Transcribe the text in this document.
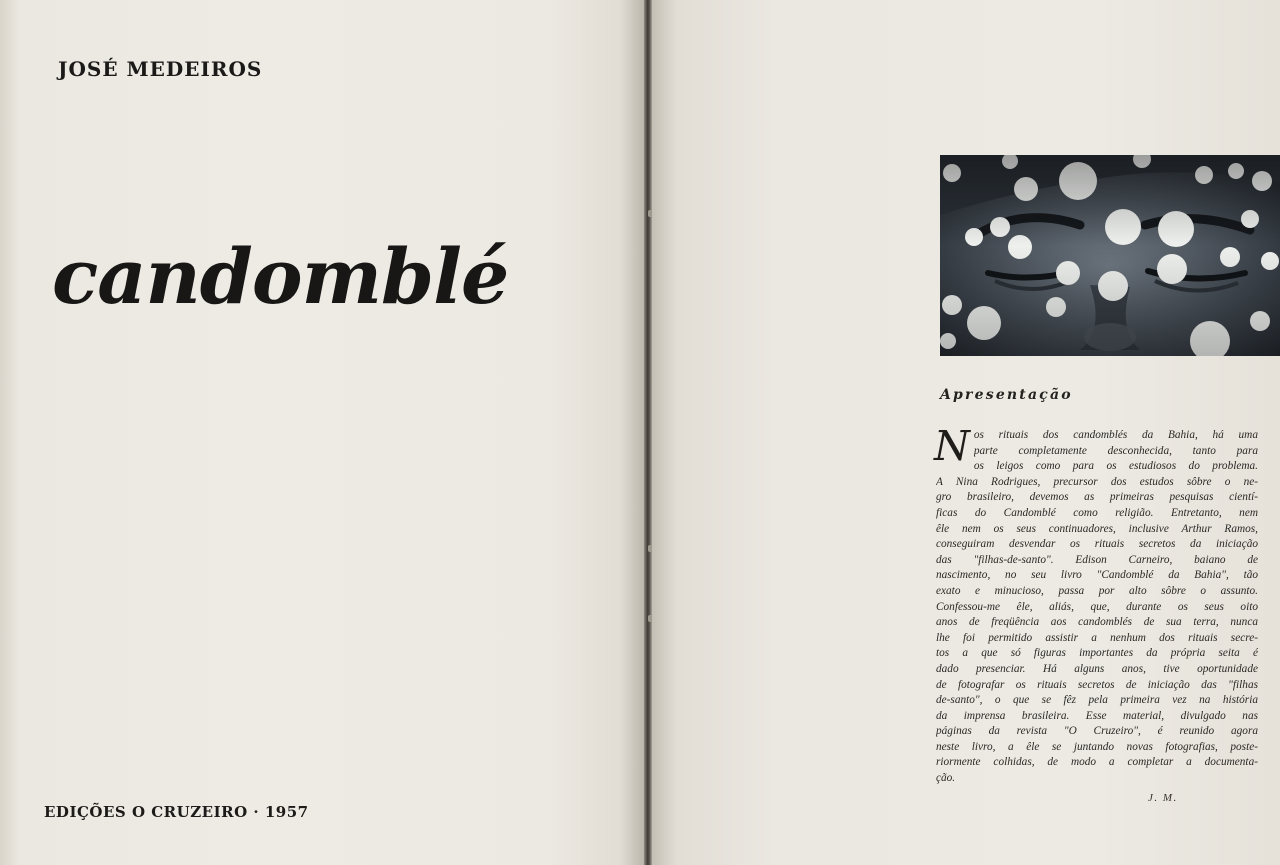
JOSÉ MEDEIROS

candomblé

EDIÇÕES O CRUZEIRO · 1957

Apresentação
N os rituais dos candomblés da Bahia, há uma
parte completamente desconhecida, tanto para
os leigos como para os estudiosos do problema.
A Nina Rodrigues, precursor dos estudos sôbre o ne-
gro brasileiro, devemos as primeiras pesquisas cientí-
ficas do Candomblé como religião. Entretanto, nem
êle nem os seus continuadores, inclusive Arthur Ramos,
conseguiram desvendar os rituais secretos da iniciação
das "filhas-de-santo". Edison Carneiro, baiano de
nascimento, no seu livro "Candomblé da Bahia", tão
exato e minucioso, passa por alto sôbre o assunto.
Confessou-me êle, aliás, que, durante os seus oito
anos de freqüência aos candomblés de sua terra, nunca
lhe foi permitido assistir a nenhum dos rituais secre-
tos a que só figuras importantes da própria seita é
dado presenciar. Há alguns anos, tive oportunidade
de fotografar os rituais secretos de iniciação das "filhas
de-santo", o que se fêz pela primeira vez na história
da imprensa brasileira. Esse material, divulgado nas
páginas da revista "O Cruzeiro", é reunido agora
neste livro, a êle se juntando novas fotografias, poste-
riormente colhidas, de modo a completar a documenta-
ção.

J. M.
